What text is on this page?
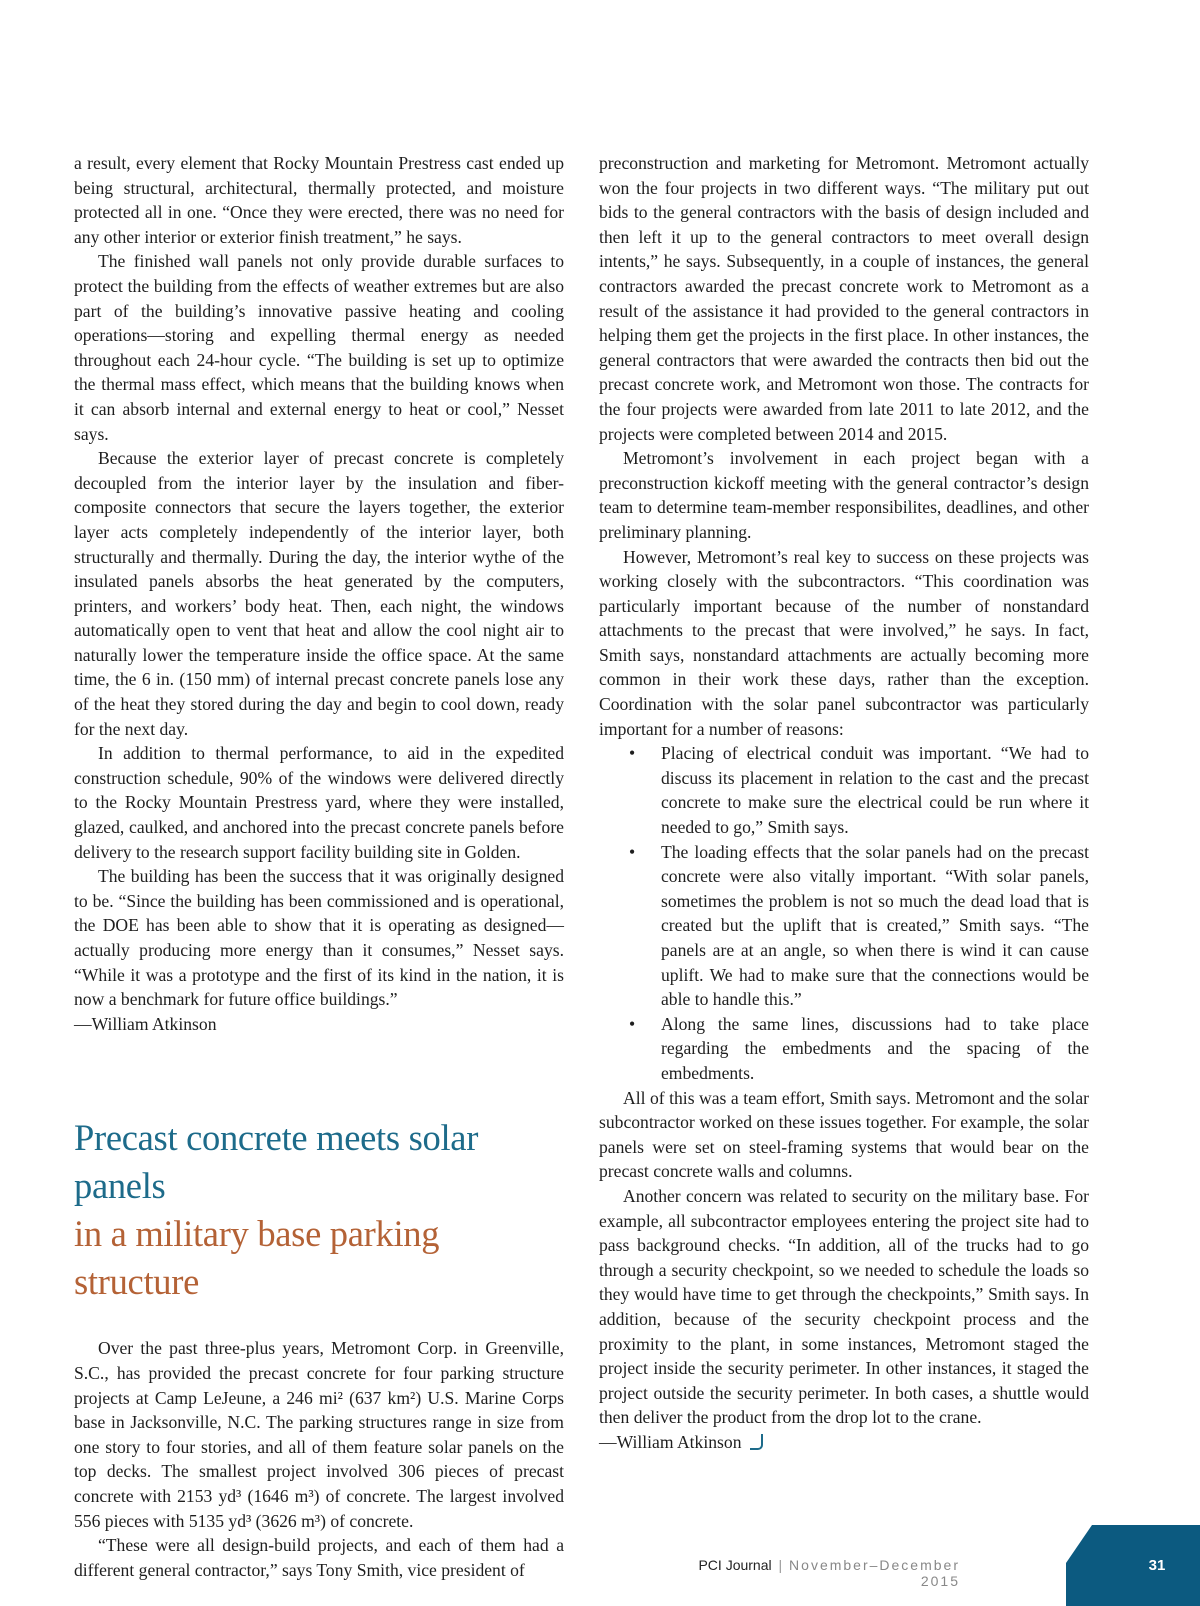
a result, every element that Rocky Mountain Prestress cast ended up being structural, architectural, thermally protected, and moisture protected all in one. “Once they were erected, there was no need for any other interior or exterior finish treatment,” he says.

The finished wall panels not only provide durable surfaces to protect the building from the effects of weather extremes but are also part of the building’s innovative passive heating and cooling operations—storing and expelling thermal energy as needed throughout each 24-hour cycle. “The building is set up to optimize the thermal mass effect, which means that the building knows when it can absorb internal and external energy to heat or cool,” Nesset says.

Because the exterior layer of precast concrete is completely decoupled from the interior layer by the insulation and fiber-composite connectors that secure the layers together, the exterior layer acts completely independently of the interior layer, both structurally and thermally. During the day, the interior wythe of the insulated panels absorbs the heat generated by the computers, printers, and workers’ body heat. Then, each night, the windows automatically open to vent that heat and allow the cool night air to naturally lower the temperature inside the office space. At the same time, the 6 in. (150 mm) of internal precast concrete panels lose any of the heat they stored during the day and begin to cool down, ready for the next day.

In addition to thermal performance, to aid in the expedited construction schedule, 90% of the windows were delivered directly to the Rocky Mountain Prestress yard, where they were installed, glazed, caulked, and anchored into the precast concrete panels before delivery to the research support facility building site in Golden.

The building has been the success that it was originally designed to be. “Since the building has been commissioned and is operational, the DOE has been able to show that it is operating as designed—actually producing more energy than it consumes,” Nesset says. “While it was a prototype and the first of its kind in the nation, it is now a benchmark for future office buildings.”

—William Atkinson

Precast concrete meets solar panels
in a military base parking structure

Over the past three-plus years, Metromont Corp. in Greenville, S.C., has provided the precast concrete for four parking structure projects at Camp LeJeune, a 246 mi² (637 km²) U.S. Marine Corps base in Jacksonville, N.C. The parking structures range in size from one story to four stories, and all of them feature solar panels on the top decks. The smallest project involved 306 pieces of precast concrete with 2153 yd³ (1646 m³) of concrete. The largest involved 556 pieces with 5135 yd³ (3626 m³) of concrete.

“These were all design-build projects, and each of them had a different general contractor,” says Tony Smith, vice president of

preconstruction and marketing for Metromont. Metromont actually won the four projects in two different ways. “The military put out bids to the general contractors with the basis of design included and then left it up to the general contractors to meet overall design intents,” he says. Subsequently, in a couple of instances, the general contractors awarded the precast concrete work to Metromont as a result of the assistance it had provided to the general contractors in helping them get the projects in the first place. In other instances, the general contractors that were awarded the contracts then bid out the precast concrete work, and Metromont won those. The contracts for the four projects were awarded from late 2011 to late 2012, and the projects were completed between 2014 and 2015.

Metromont’s involvement in each project began with a preconstruction kickoff meeting with the general contractor’s design team to determine team-member responsibilites, deadlines, and other preliminary planning.

However, Metromont’s real key to success on these projects was working closely with the subcontractors. “This coordination was particularly important because of the number of nonstandard attachments to the precast that were involved,” he says. In fact, Smith says, nonstandard attachments are actually becoming more common in their work these days, rather than the exception. Coordination with the solar panel subcontractor was particularly important for a number of reasons:

• Placing of electrical conduit was important. “We had to discuss its placement in relation to the cast and the precast concrete to make sure the electrical could be run where it needed to go,” Smith says.
• The loading effects that the solar panels had on the precast concrete were also vitally important. “With solar panels, sometimes the problem is not so much the dead load that is created but the uplift that is created,” Smith says. “The panels are at an angle, so when there is wind it can cause uplift. We had to make sure that the connections would be able to handle this.”
• Along the same lines, discussions had to take place regarding the embedments and the spacing of the embedments.

All of this was a team effort, Smith says. Metromont and the solar subcontractor worked on these issues together. For example, the solar panels were set on steel-framing systems that would bear on the precast concrete walls and columns.

Another concern was related to security on the military base. For example, all subcontractor employees entering the project site had to pass background checks. “In addition, all of the trucks had to go through a security checkpoint, so we needed to schedule the loads so they would have time to get through the checkpoints,” Smith says. In addition, because of the security checkpoint process and the proximity to the plant, in some instances, Metromont staged the project inside the security perimeter. In other instances, it staged the project outside the security perimeter. In both cases, a shuttle would then deliver the product from the drop lot to the crane.

—William Atkinson

PCI Journal | November–December 2015
31
